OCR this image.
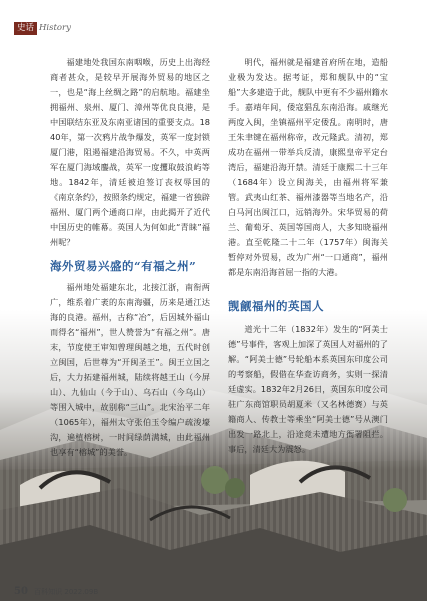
史话 History

福建地处我国东南咽喉，历史上出海经商者甚众，是较早开展海外贸易的地区之一，也是“海上丝绸之路”的启航地。福建坐拥福州、泉州、厦门、漳州等优良良港，是中国联结东亚及东南亚诸国的重要支点。1840年，第一次鸦片战争爆发，英军一度封锁厦门港，阻遏福建沿海贸易。不久，中英两军在厦门海域鏖战，英军一度攫取鼓浪屿等地。1842年，清廷被迫签订丧权辱国的《南京条约》，按照条约规定，福建一省独辟福州、厦门两个通商口岸，由此揭开了近代中国历史的帷幕。英国人为何如此“青睐”福州呢？

海外贸易兴盛的“有福之州”

福州地处福建东北，北接江浙，南衔两广，维系着广袤的东南海疆，历来是通江达海的良港。福州，古称“冶”，后因城外福山而得名“福州”，世人赞誉为“有福之州”。唐末，节度使王审知曾理闽越之地，五代时创立闽国，后世尊为“开闽圣王”。闽王立国之后，大力拓建福州城，陆续将越王山（今屏山）、九仙山（今于山）、乌石山（今乌山）等围入城中，故别称“三山”。北宋治平二年（1065年），福州太守张伯玉令编户疏浚壕沟，遍植榕树，一时间绿荫满城，由此福州也享有“榕城”的美誉。

明代，福州就是福建首府所在地，造船业极为发达。据考证，郑和舰队中的“宝船”大多建造于此，舰队中更有不少福州籍水手。嘉靖年间，倭寇猖乱东南沿海。戚继光两度入闽，坐镇福州平定倭乱。南明时，唐王朱聿键在福州称帝，改元隆武。清初，郑成功在福州一带举兵反清，康熙皇帝平定台湾后，福建沿海开禁。清廷于康熙二十三年（1684年）设立闽海关，由福州将军兼管。武夷山红茶、福州漆器等当地名产，沿白马河出闽江口，远销海外。宋华贸易的荷兰、葡萄牙、英国等国商人，大多知晓福州港。直至乾隆二十二年（1757年）闽海关暂停对外贸易，改为广州“一口通商”，福州都是东南沿海首屈一指的大港。

觊觎福州的英国人

道光十二年（1832年）发生的“阿美士德”号事件，客观上加深了英国人对福州的了解。“阿美士德”号轮船本系英国东印度公司的考察船，假借在华查访商务，实则一探清廷虚实。1832年2月26日，英国东印度公司驻广东商馆职员胡夏米（又名林德赛）与英籍商人、传教士等乘坐“阿美士德”号从澳门出发一路北上，沿途竟未遭地方衙署阻拦。事后，清廷大为震怒。

50 百科知识 2022.09B
